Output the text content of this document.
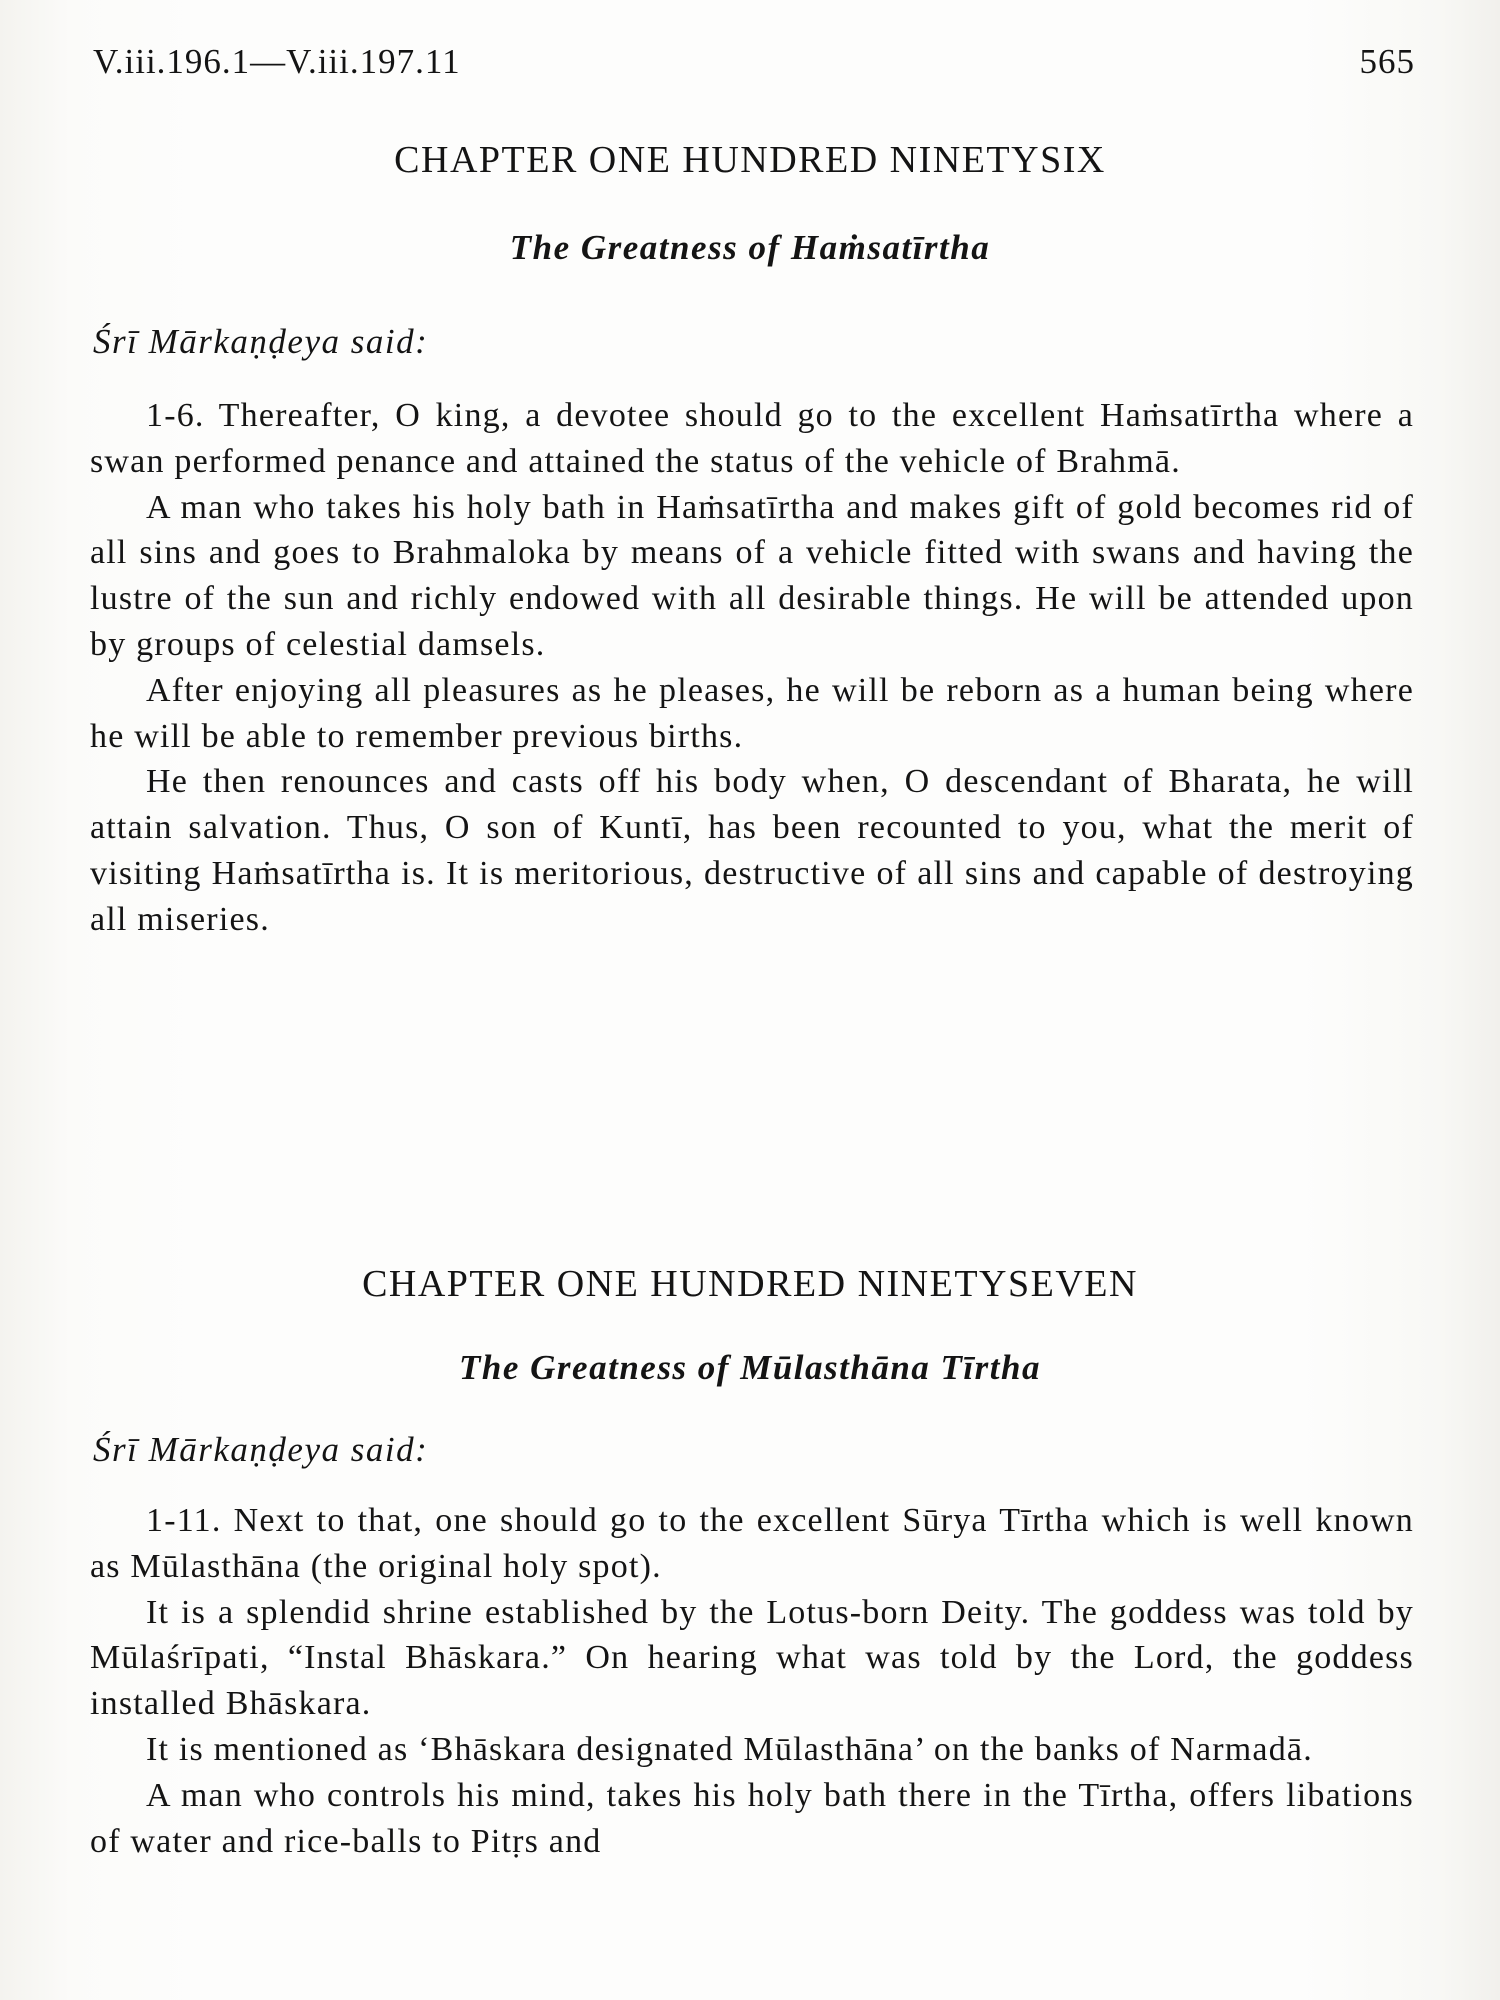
V.iii.196.1—V.iii.197.11	565
CHAPTER ONE HUNDRED NINETYSIX
The Greatness of Haṁsatīrtha
Śrī Mārkaṇḍeya said:

1-6. Thereafter, O king, a devotee should go to the excellent Haṁsatīrtha where a swan performed penance and attained the status of the vehicle of Brahmā.

A man who takes his holy bath in Haṁsatīrtha and makes gift of gold becomes rid of all sins and goes to Brahmaloka by means of a vehicle fitted with swans and having the lustre of the sun and richly endowed with all desirable things. He will be attended upon by groups of celestial damsels.

After enjoying all pleasures as he pleases, he will be reborn as a human being where he will be able to remember previous births.

He then renounces and casts off his body when, O descendant of Bharata, he will attain salvation. Thus, O son of Kuntī, has been recounted to you, what the merit of visiting Haṁsatīrtha is. It is meritorious, destructive of all sins and capable of destroying all miseries.

CHAPTER ONE HUNDRED NINETYSEVEN
The Greatness of Mūlasthāna Tīrtha
Śrī Mārkaṇḍeya said:

1-11. Next to that, one should go to the excellent Sūrya Tīrtha which is well known as Mūlasthāna (the original holy spot).

It is a splendid shrine established by the Lotus-born Deity. The goddess was told by Mūlaśrīpati, “Instal Bhāskara.” On hearing what was told by the Lord, the goddess installed Bhāskara.

It is mentioned as ‘Bhāskara designated Mūlasthāna’ on the banks of Narmadā.

A man who controls his mind, takes his holy bath there in the Tīrtha, offers libations of water and rice-balls to Pitṛs and
